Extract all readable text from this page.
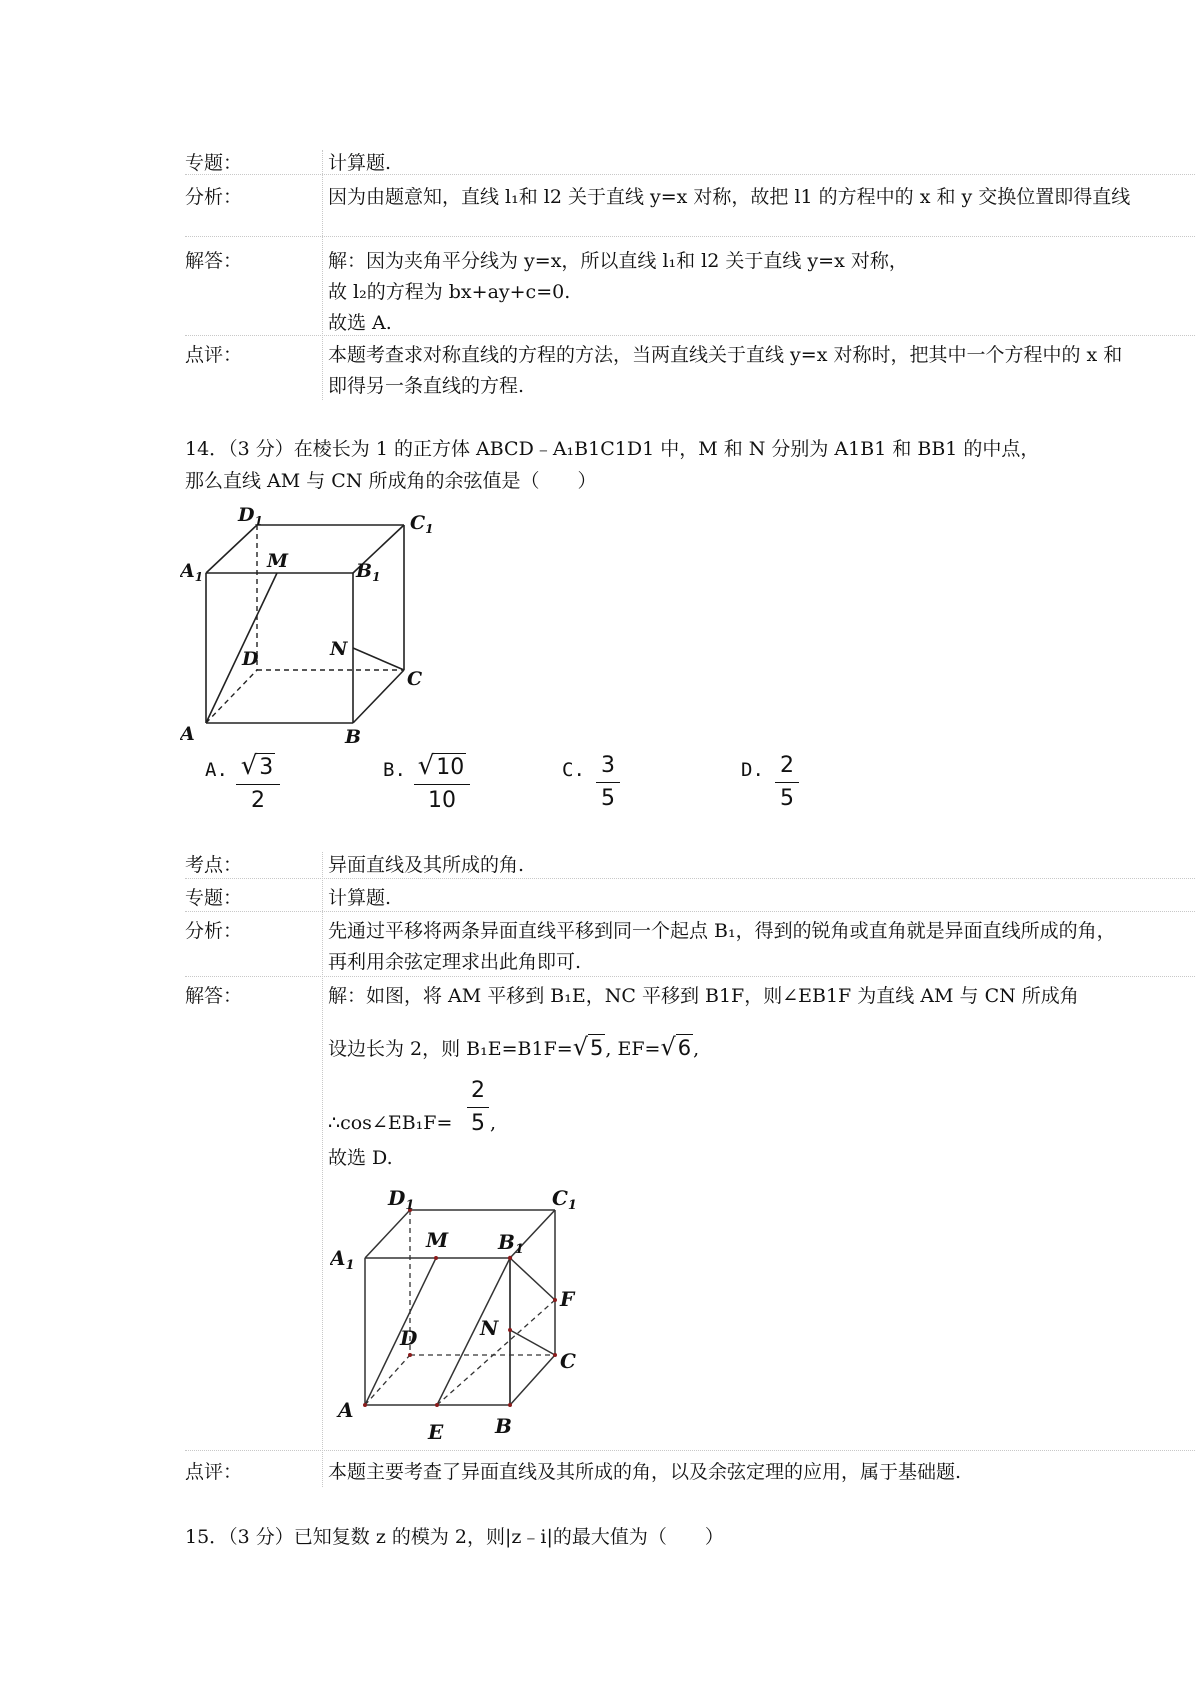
专题：	计算题.
分析：	因为由题意知，直线 l₁和 l2 关于直线 y=x 对称，故把 l1 的方程中的 x 和 y 交换位置即得直线
解答：	解：因为夹角平分线为 y=x，所以直线 l₁和 l2 关于直线 y=x 对称，
故 l₂的方程为 bx+ay+c=0.
故选 A.
点评：	本题考查求对称直线的方程的方法，当两直线关于直线 y=x 对称时，把其中一个方程中的 x 和
即得另一条直线的方程.
14．（3 分）在棱长为 1 的正方体 ABCD﹣A₁B1C1D1 中，M 和 N 分别为 A1B1 和 BB1 的中点，
那么直线 AM 与 CN 所成角的余弦值是（　　）
$D_1$	$C_1$
$A_1$	$B_1$
M
N
D
C
A	B
A. √3
2
B. √10
10
C. 3
5
D. 2
5
考点：	异面直线及其所成的角.
专题：	计算题.
分析：	先通过平移将两条异面直线平移到同一个起点 B₁，得到的锐角或直角就是异面直线所成的角，
再利用余弦定理求出此角即可.
解答：	解：如图，将 AM 平移到 B₁E，NC 平移到 B1F，则∠EB1F 为直线 AM 与 CN 所成角
设边长为 2，则 B₁E=B1F=√5 , EF=√6 ,
∴cos∠EB₁F=
2
5 ,
故选 D.
$D_1$	$C_1$
$A_1$
M $B_1$
F
N
D
C
A
E	B
点评：	本题主要考查了异面直线及其所成的角，以及余弦定理的应用，属于基础题.
15．（3 分）已知复数 z 的模为 2，则|z﹣i|的最大值为（　　）
